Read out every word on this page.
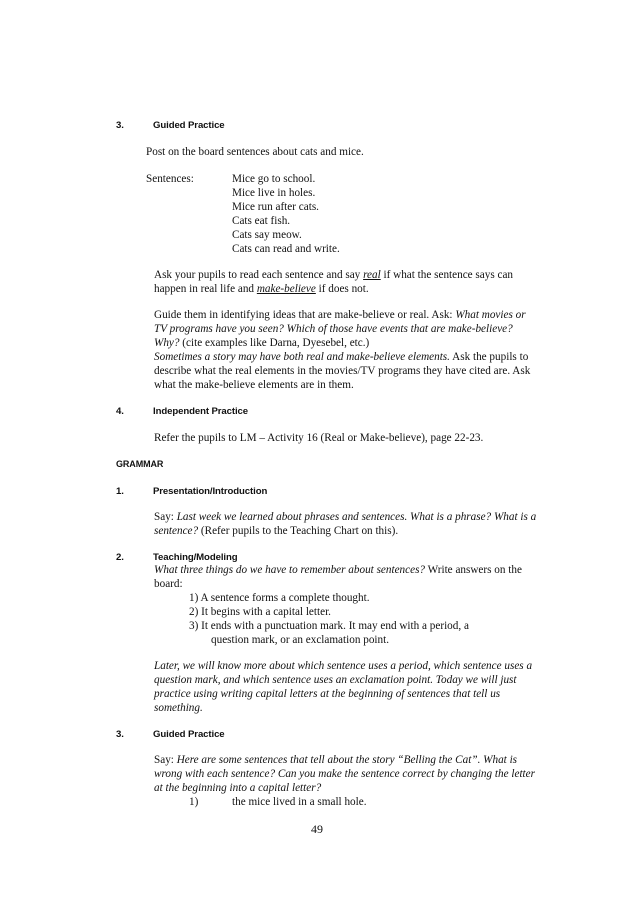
3.	Guided Practice
Post on the board sentences about cats and mice.
Sentences:	Mice go to school.
Mice live in holes.
Mice run after cats.
Cats eat fish.
Cats say meow.
Cats can read and write.
Ask your pupils to read each sentence and say real if what the sentence says can
happen in real life and make-believe if does not.
Guide them in identifying ideas that are make-believe or real. Ask: What movies or
TV programs have you seen? Which of those have events that are make-believe?
Why? (cite examples like Darna, Dyesebel, etc.)
Sometimes a story may have both real and make-believe elements. Ask the pupils to
describe what the real elements in the movies/TV programs they have cited are. Ask
what the make-believe elements are in them.
4.	Independent Practice
Refer the pupils to LM – Activity 16 (Real or Make-believe), page 22-23.
GRAMMAR
1.	Presentation/Introduction
Say: Last week we learned about phrases and sentences. What is a phrase? What is a
sentence? (Refer pupils to the Teaching Chart on this).
2.	Teaching/Modeling
What three things do we have to remember about sentences? Write answers on the
board:
1) A sentence forms a complete thought.
2) It begins with a capital letter.
3) It ends with a punctuation mark. It may end with a period, a
question mark, or an exclamation point.
Later, we will know more about which sentence uses a period, which sentence uses a
question mark, and which sentence uses an exclamation point. Today we will just
practice using writing capital letters at the beginning of sentences that tell us
something.
3.	Guided Practice
Say: Here are some sentences that tell about the story “Belling the Cat”. What is
wrong with each sentence? Can you make the sentence correct by changing the letter
at the beginning into a capital letter?
1)	the mice lived in a small hole.
49
